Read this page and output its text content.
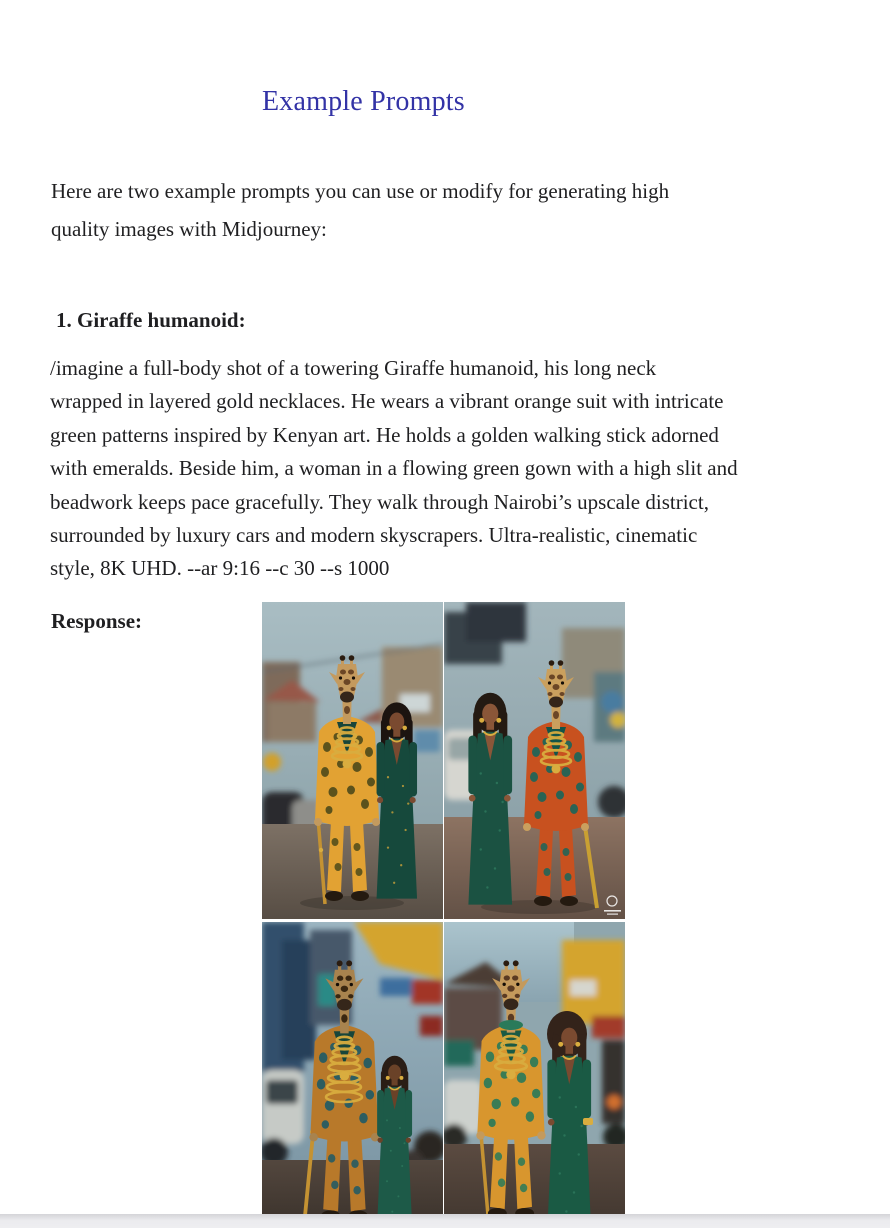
Example Prompts
Here are two example prompts you can use or modify for generating high
quality images with Midjourney:
1. Giraffe humanoid:
/imagine a full-body shot of a towering Giraffe humanoid, his long neck
wrapped in layered gold necklaces. He wears a vibrant orange suit with intricate
green patterns inspired by Kenyan art. He holds a golden walking stick adorned
with emeralds. Beside him, a woman in a flowing green gown with a high slit and
beadwork keeps pace gracefully. They walk through Nairobi’s upscale district,
surrounded by luxury cars and modern skyscrapers. Ultra-realistic, cinematic
style, 8K UHD. --ar 9:16 --c 30 --s 1000
Response:
